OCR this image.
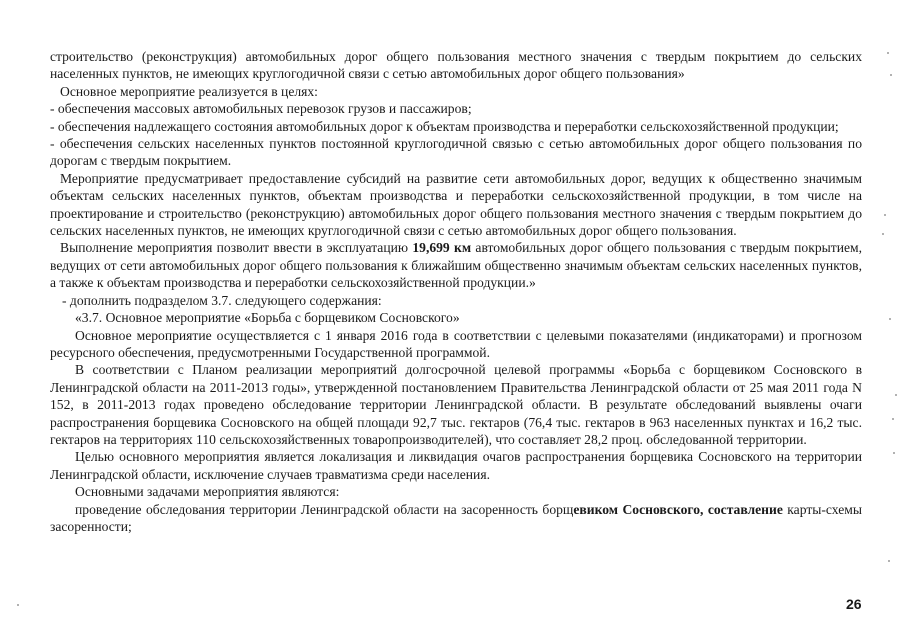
строительство (реконструкция) автомобильных дорог общего пользования местного значения с твердым покрытием до сельских населенных пунктов, не имеющих круглогодичной связи с сетью автомобильных дорог общего пользования»

Основное мероприятие реализуется в целях:

- обеспечения массовых автомобильных перевозок грузов и пассажиров;

- обеспечения надлежащего состояния автомобильных дорог к объектам производства и переработки сельскохозяйственной продукции;

- обеспечения сельских населенных пунктов постоянной круглогодичной связью с сетью автомобильных дорог общего пользования по дорогам с твердым покрытием.

Мероприятие предусматривает предоставление субсидий на развитие сети автомобильных дорог, ведущих к общественно значимым объектам сельских населенных пунктов, объектам производства и переработки сельскохозяйственной продукции, в том числе на проектирование и строительство (реконструкцию) автомобильных дорог общего пользования местного значения с твердым покрытием до сельских населенных пунктов, не имеющих круглогодичной связи с сетью автомобильных дорог общего пользования.

Выполнение мероприятия позволит ввести в эксплуатацию 19,699 км автомобильных дорог общего пользования с твердым покрытием, ведущих от сети автомобильных дорог общего пользования к ближайшим общественно значимым объектам сельских населенных пунктов, а также к объектам производства и переработки сельскохозяйственной продукции.»

- дополнить подразделом 3.7. следующего содержания:

«3.7. Основное мероприятие «Борьба с борщевиком Сосновского»

Основное мероприятие осуществляется с 1 января 2016 года в соответствии с целевыми показателями (индикаторами) и прогнозом ресурсного обеспечения, предусмотренными Государственной программой.

В соответствии с Планом реализации мероприятий долгосрочной целевой программы «Борьба с борщевиком Сосновского в Ленинградской области на 2011-2013 годы», утвержденной постановлением Правительства Ленинградской области от 25 мая 2011 года N 152, в 2011-2013 годах проведено обследование территории Ленинградской области. В результате обследований выявлены очаги распространения борщевика Сосновского на общей площади 92,7 тыс. гектаров (76,4 тыс. гектаров в 963 населенных пунктах и 16,2 тыс. гектаров на территориях 110 сельскохозяйственных товаропроизводителей), что составляет 28,2 проц. обследованной территории.

Целью основного мероприятия является локализация и ликвидация очагов распространения борщевика Сосновского на территории Ленинградской области, исключение случаев травматизма среди населения.

Основными задачами мероприятия являются:

проведение обследования территории Ленинградской области на засоренность борщевиком Сосновского, составление карты-схемы засоренности;

26
